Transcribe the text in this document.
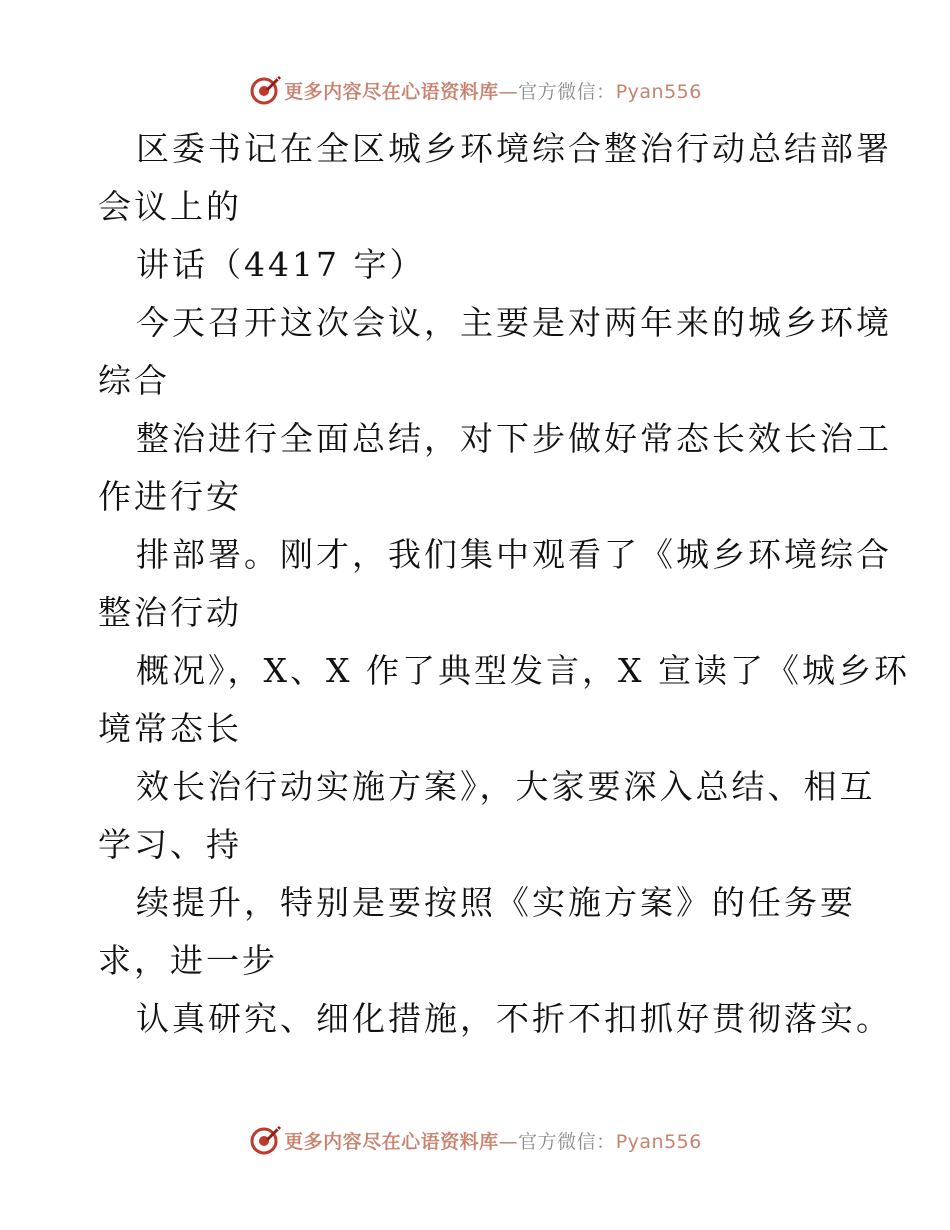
更多内容尽在心语资料库—官方微信：Pyan556
区委书记在全区城乡环境综合整治行动总结部署
会议上的
讲话（4417 字）
今天召开这次会议，主要是对两年来的城乡环境
综合
整治进行全面总结，对下步做好常态长效长治工
作进行安
排部署。刚才，我们集中观看了《城乡环境综合
整治行动
概况》，X、X 作了典型发言，X 宣读了《城乡环
境常态长
效长治行动实施方案》，大家要深入总结、相互
学习、持
续提升，特别是要按照《实施方案》的任务要
求，进一步
认真研究、细化措施，不折不扣抓好贯彻落实。
更多内容尽在心语资料库—官方微信：Pyan556
